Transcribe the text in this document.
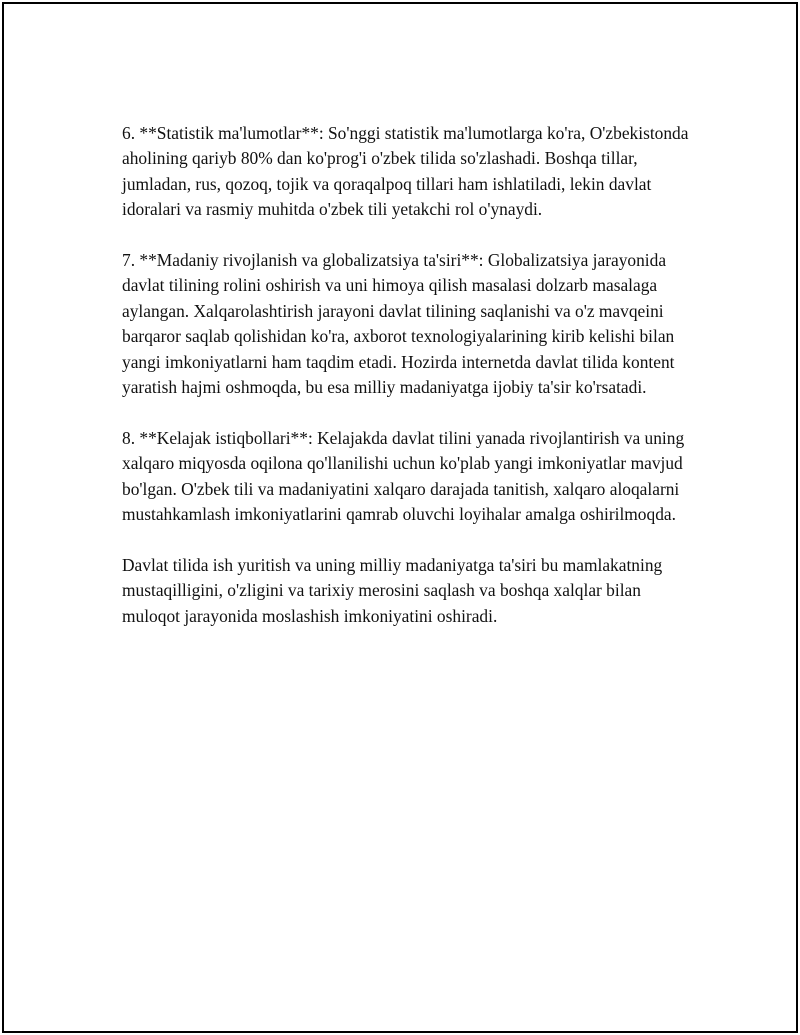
6. **Statistik ma'lumotlar**: So'nggi statistik ma'lumotlarga ko'ra, O'zbekistonda aholining qariyb 80% dan ko'prog'i o'zbek tilida so'zlashadi. Boshqa tillar, jumladan, rus, qozoq, tojik va qoraqalpoq tillari ham ishlatiladi, lekin davlat idoralari va rasmiy muhitda o'zbek tili yetakchi rol o'ynaydi.

7. **Madaniy rivojlanish va globalizatsiya ta'siri**: Globalizatsiya jarayonida davlat tilining rolini oshirish va uni himoya qilish masalasi dolzarb masalaga aylangan. Xalqarolashtirish jarayoni davlat tilining saqlanishi va o'z mavqeini barqaror saqlab qolishidan ko'ra, axborot texnologiyalarining kirib kelishi bilan yangi imkoniyatlarni ham taqdim etadi. Hozirda internetda davlat tilida kontent yaratish hajmi oshmoqda, bu esa milliy madaniyatga ijobiy ta'sir ko'rsatadi.

8. **Kelajak istiqbollari**: Kelajakda davlat tilini yanada rivojlantirish va uning xalqaro miqyosda oqilona qo'llanilishi uchun ko'plab yangi imkoniyatlar mavjud bo'lgan. O'zbek tili va madaniyatini xalqaro darajada tanitish, xalqaro aloqalarni mustahkamlash imkoniyatlarini qamrab oluvchi loyihalar amalga oshirilmoqda.

Davlat tilida ish yuritish va uning milliy madaniyatga ta'siri bu mamlakatning mustaqilligini, o'zligini va tarixiy merosini saqlash va boshqa xalqlar bilan muloqot jarayonida moslashish imkoniyatini oshiradi.
